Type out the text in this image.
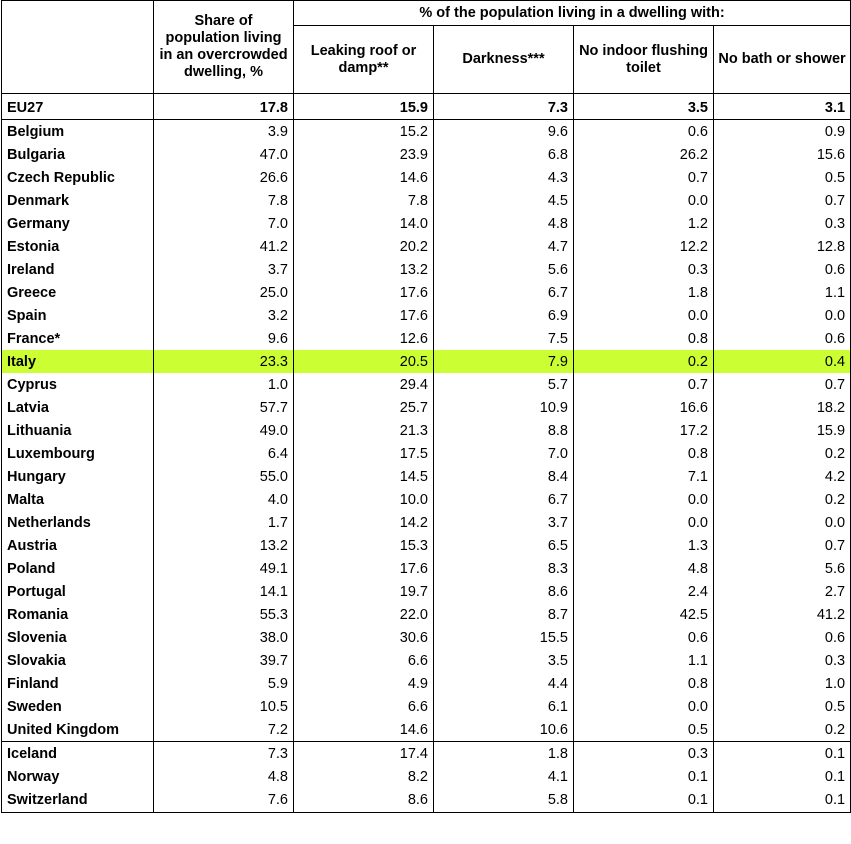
	Share of population living in an overcrowded dwelling, %	% of the population living in a dwelling with:			
		Leaking roof or damp**	Darkness***	No indoor flushing toilet	No bath or shower
EU27	17.8	15.9	7.3	3.5	3.1
Belgium	3.9	15.2	9.6	0.6	0.9
Bulgaria	47.0	23.9	6.8	26.2	15.6
Czech Republic	26.6	14.6	4.3	0.7	0.5
Denmark	7.8	7.8	4.5	0.0	0.7
Germany	7.0	14.0	4.8	1.2	0.3
Estonia	41.2	20.2	4.7	12.2	12.8
Ireland	3.7	13.2	5.6	0.3	0.6
Greece	25.0	17.6	6.7	1.8	1.1
Spain	3.2	17.6	6.9	0.0	0.0
France*	9.6	12.6	7.5	0.8	0.6
Italy	23.3	20.5	7.9	0.2	0.4
Cyprus	1.0	29.4	5.7	0.7	0.7
Latvia	57.7	25.7	10.9	16.6	18.2
Lithuania	49.0	21.3	8.8	17.2	15.9
Luxembourg	6.4	17.5	7.0	0.8	0.2
Hungary	55.0	14.5	8.4	7.1	4.2
Malta	4.0	10.0	6.7	0.0	0.2
Netherlands	1.7	14.2	3.7	0.0	0.0
Austria	13.2	15.3	6.5	1.3	0.7
Poland	49.1	17.6	8.3	4.8	5.6
Portugal	14.1	19.7	8.6	2.4	2.7
Romania	55.3	22.0	8.7	42.5	41.2
Slovenia	38.0	30.6	15.5	0.6	0.6
Slovakia	39.7	6.6	3.5	1.1	0.3
Finland	5.9	4.9	4.4	0.8	1.0
Sweden	10.5	6.6	6.1	0.0	0.5
United Kingdom	7.2	14.6	10.6	0.5	0.2
Iceland	7.3	17.4	1.8	0.3	0.1
Norway	4.8	8.2	4.1	0.1	0.1
Switzerland	7.6	8.6	5.8	0.1	0.1
